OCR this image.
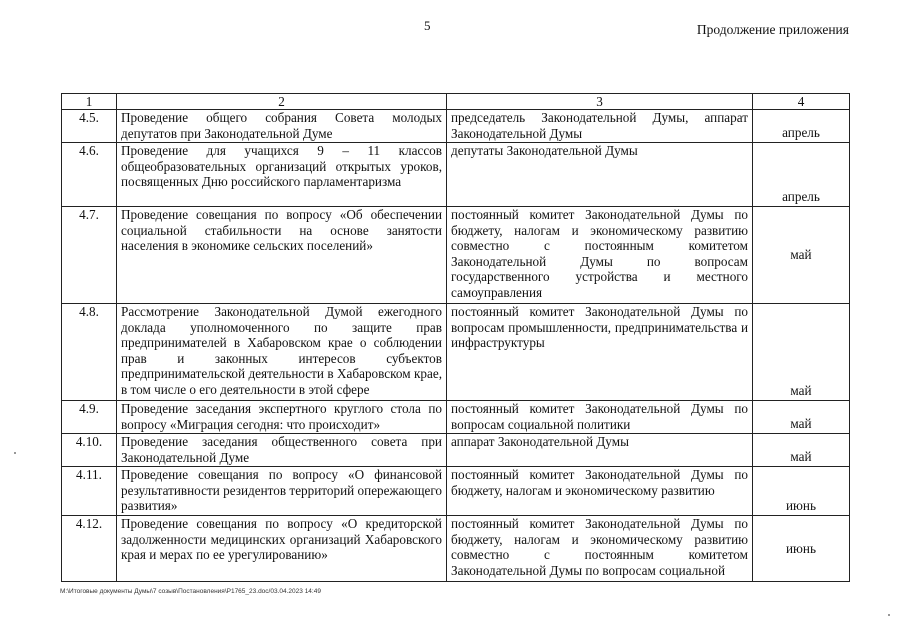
5	Продолжение приложения
1	2	3	4
4.5.	Проведение общего собрания Совета молодых депутатов при Законодательной Думе	председатель Законодательной Думы, аппарат Законодательной Думы	апрель
4.6.	Проведение для учащихся 9 – 11 классов общеобразовательных организаций открытых уроков, посвященных Дню российского парламентаризма	депутаты Законодательной Думы	апрель
4.7.	Проведение совещания по вопросу «Об обеспечении социальной стабильности на основе занятости населения в экономике сельских поселений»	постоянный комитет Законодательной Думы по бюджету, налогам и экономическому развитию совместно с постоянным комитетом Законодательной Думы по вопросам государственного устройства и местного самоуправления	май
4.8.	Рассмотрение Законодательной Думой ежегодного доклада уполномоченного по защите прав предпринимателей в Хабаровском крае о соблюдении прав и законных интересов субъектов предпринимательской деятельности в Хабаровском крае, в том числе о его деятельности в этой сфере	постоянный комитет Законодательной Думы по вопросам промышленности, предпринимательства и инфраструктуры	май
4.9.	Проведение заседания экспертного круглого стола по вопросу «Миграция сегодня: что происходит»	постоянный комитет Законодательной Думы по вопросам социальной политики	май
4.10.	Проведение заседания общественного совета при Законодательной Думе	аппарат Законодательной Думы	май
4.11.	Проведение совещания по вопросу «О финансовой результативности резидентов территорий опережающего развития»	постоянный комитет Законодательной Думы по бюджету, налогам и экономическому развитию	июнь
4.12.	Проведение совещания по вопросу «О кредиторской задолженности медицинских организаций Хабаровского края и мерах по ее урегулированию»	постоянный комитет Законодательной Думы по бюджету, налогам и экономическому развитию совместно с постоянным комитетом Законодательной Думы по вопросам социальной	июнь
M:\Итоговые документы Думы\7 созыв\Постановления\P1765_23.doc/03.04.2023 14:49
